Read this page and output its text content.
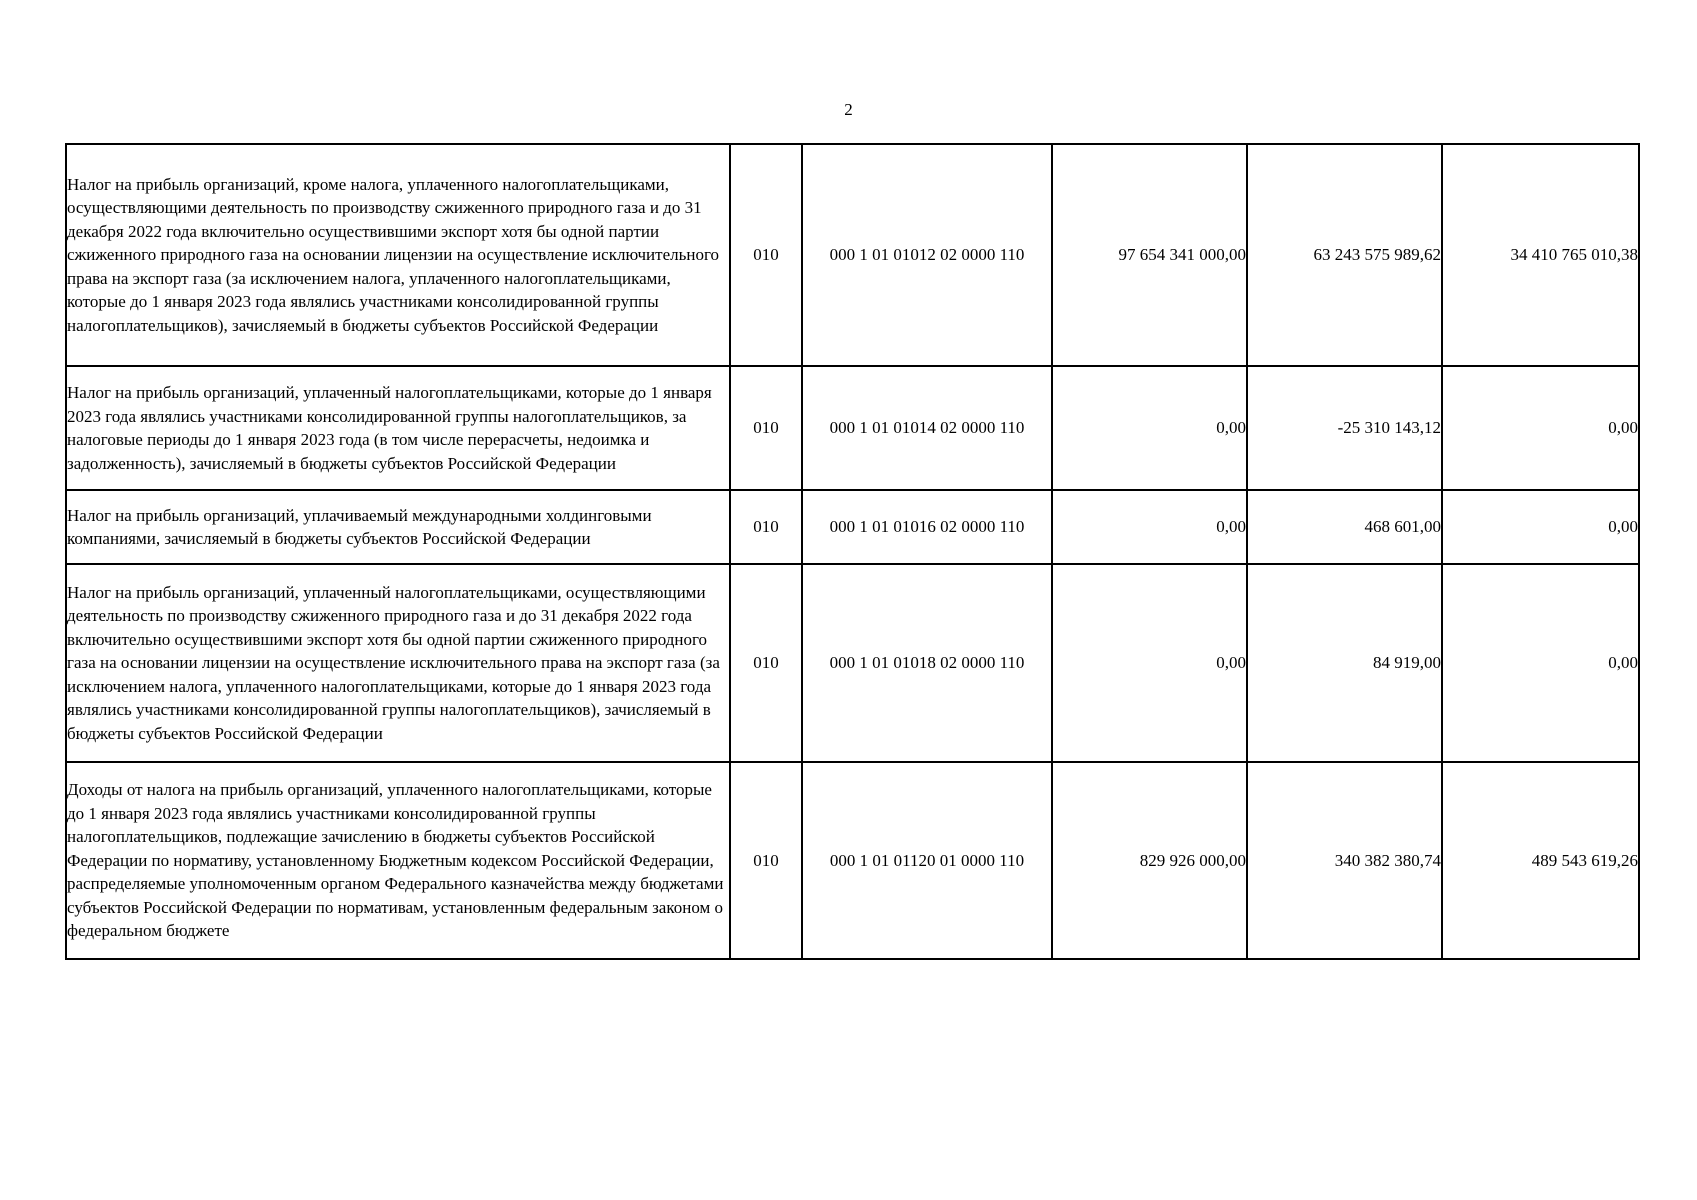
2
Налог на прибыль организаций, кроме налога, уплаченного налогоплательщиками, осуществляющими деятельность по производству сжиженного природного газа и до 31 декабря 2022 года включительно осуществившими экспорт хотя бы одной партии сжиженного природного газа на основании лицензии на осуществление исключительного права на экспорт газа (за исключением налога, уплаченного налогоплательщиками, которые до 1 января 2023 года являлись участниками консолидированной группы налогоплательщиков), зачисляемый в бюджеты субъектов Российской Федерации	010	000 1 01 01012 02 0000 110	97 654 341 000,00	63 243 575 989,62	34 410 765 010,38
Налог на прибыль организаций, уплаченный налогоплательщиками, которые до 1 января 2023 года являлись участниками консолидированной группы налогоплательщиков, за налоговые периоды до 1 января 2023 года (в том числе перерасчеты, недоимка и задолженность), зачисляемый в бюджеты субъектов Российской Федерации	010	000 1 01 01014 02 0000 110	0,00	-25 310 143,12	0,00
Налог на прибыль организаций, уплачиваемый международными холдинговыми компаниями, зачисляемый в бюджеты субъектов Российской Федерации	010	000 1 01 01016 02 0000 110	0,00	468 601,00	0,00
Налог на прибыль организаций, уплаченный налогоплательщиками, осуществляющими деятельность по производству сжиженного природного газа и до 31 декабря 2022 года включительно осуществившими экспорт хотя бы одной партии сжиженного природного газа на основании лицензии на осуществление исключительного права на экспорт газа (за исключением налога, уплаченного налогоплательщиками, которые до 1 января 2023 года являлись участниками консолидированной группы налогоплательщиков), зачисляемый в бюджеты субъектов Российской Федерации	010	000 1 01 01018 02 0000 110	0,00	84 919,00	0,00
Доходы от налога на прибыль организаций, уплаченного налогоплательщиками, которые до 1 января 2023 года являлись участниками консолидированной группы налогоплательщиков, подлежащие зачислению в бюджеты субъектов Российской Федерации по нормативу, установленному Бюджетным кодексом Российской Федерации, распределяемые уполномоченным органом Федерального казначейства между бюджетами субъектов Российской Федерации по нормативам, установленным федеральным законом о федеральном бюджете	010	000 1 01 01120 01 0000 110	829 926 000,00	340 382 380,74	489 543 619,26
